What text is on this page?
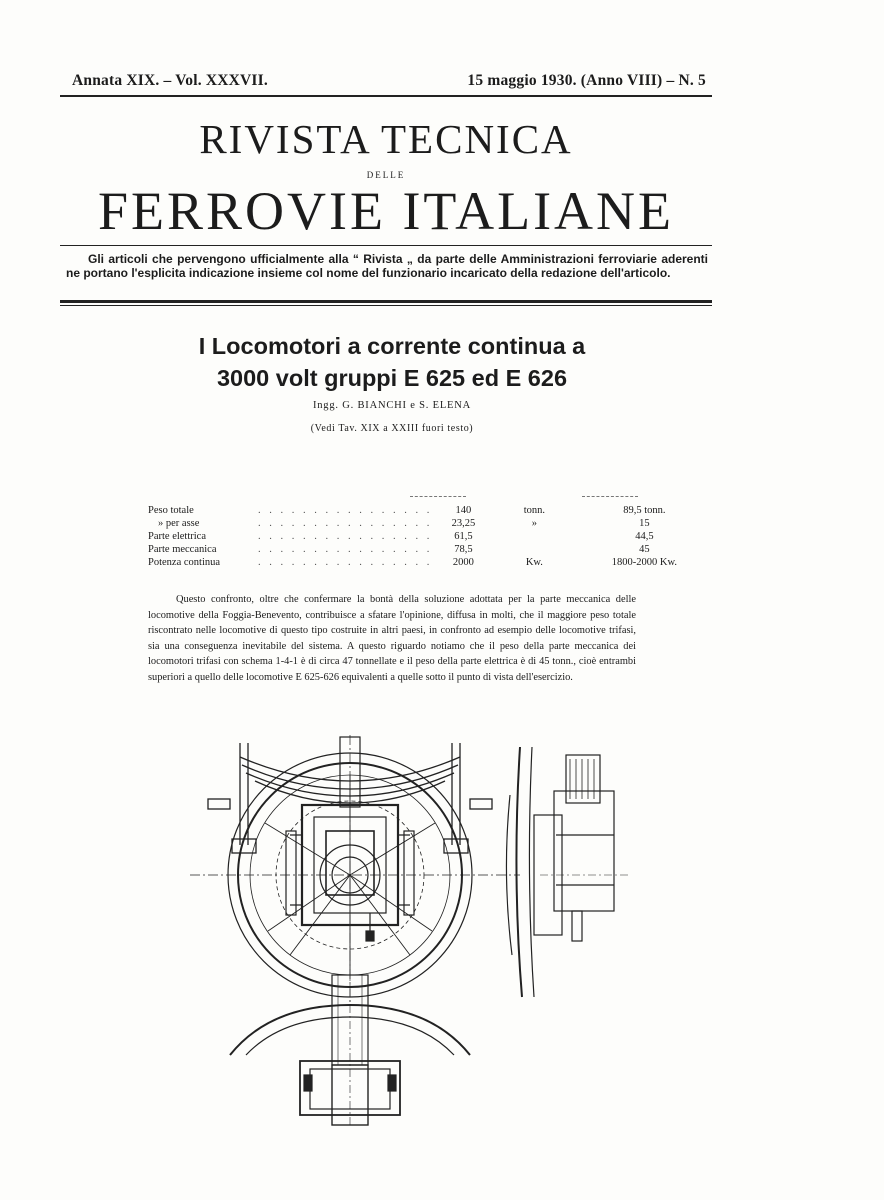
Annata XIX. – Vol. XXXVII.	15 maggio 1930. (Anno VIII) – N. 5
RIVISTA TECNICA
DELLE
FERROVIE ITALIANE
Gli articoli che pervengono ufficialmente alla “ Rivista „ da parte delle Amministrazioni ferroviarie aderenti ne portano l'esplicita indicazione insieme col nome del funzionario incaricato della redazione dell'articolo.
I Locomotori a corrente continua a
3000 volt gruppi E 625 ed E 626
Ingg. G. BIANCHI e S. ELENA
(Vedi Tav. XIX a XXIII fuori testo)
Peso totale	. . . . . . . . . . . . . . . .	140	tonn.	89,5 tonn.
» per asse	. . . . . . . . . . . . . . . .	23,25	»	15
Parte elettrica	. . . . . . . . . . . . . . . .	61,5		44,5
Parte meccanica	. . . . . . . . . . . . . . . .	78,5		45
Potenza continua	. . . . . . . . . . . . . . . .	2000	Kw.	1800-2000 Kw.
Questo confronto, oltre che confermare la bontà della soluzione adottata per la parte meccanica delle locomotive della Foggia-Benevento, contribuisce a sfatare l'opinione, diffusa in molti, che il maggiore peso totale riscontrato nelle locomotive di questo tipo costruite in altri paesi, in confronto ad esempio delle locomotive trifasi, sia una conseguenza inevitabile del sistema. A questo riguardo notiamo che il peso della parte meccanica dei locomotori trifasi con schema 1-4-1 è di circa 47 tonnellate e il peso della parte elettrica è di 45 tonn., cioè entrambi superiori a quello delle locomotive E 625-626 equivalenti a quelle sotto il punto di vista dell'esercizio.
